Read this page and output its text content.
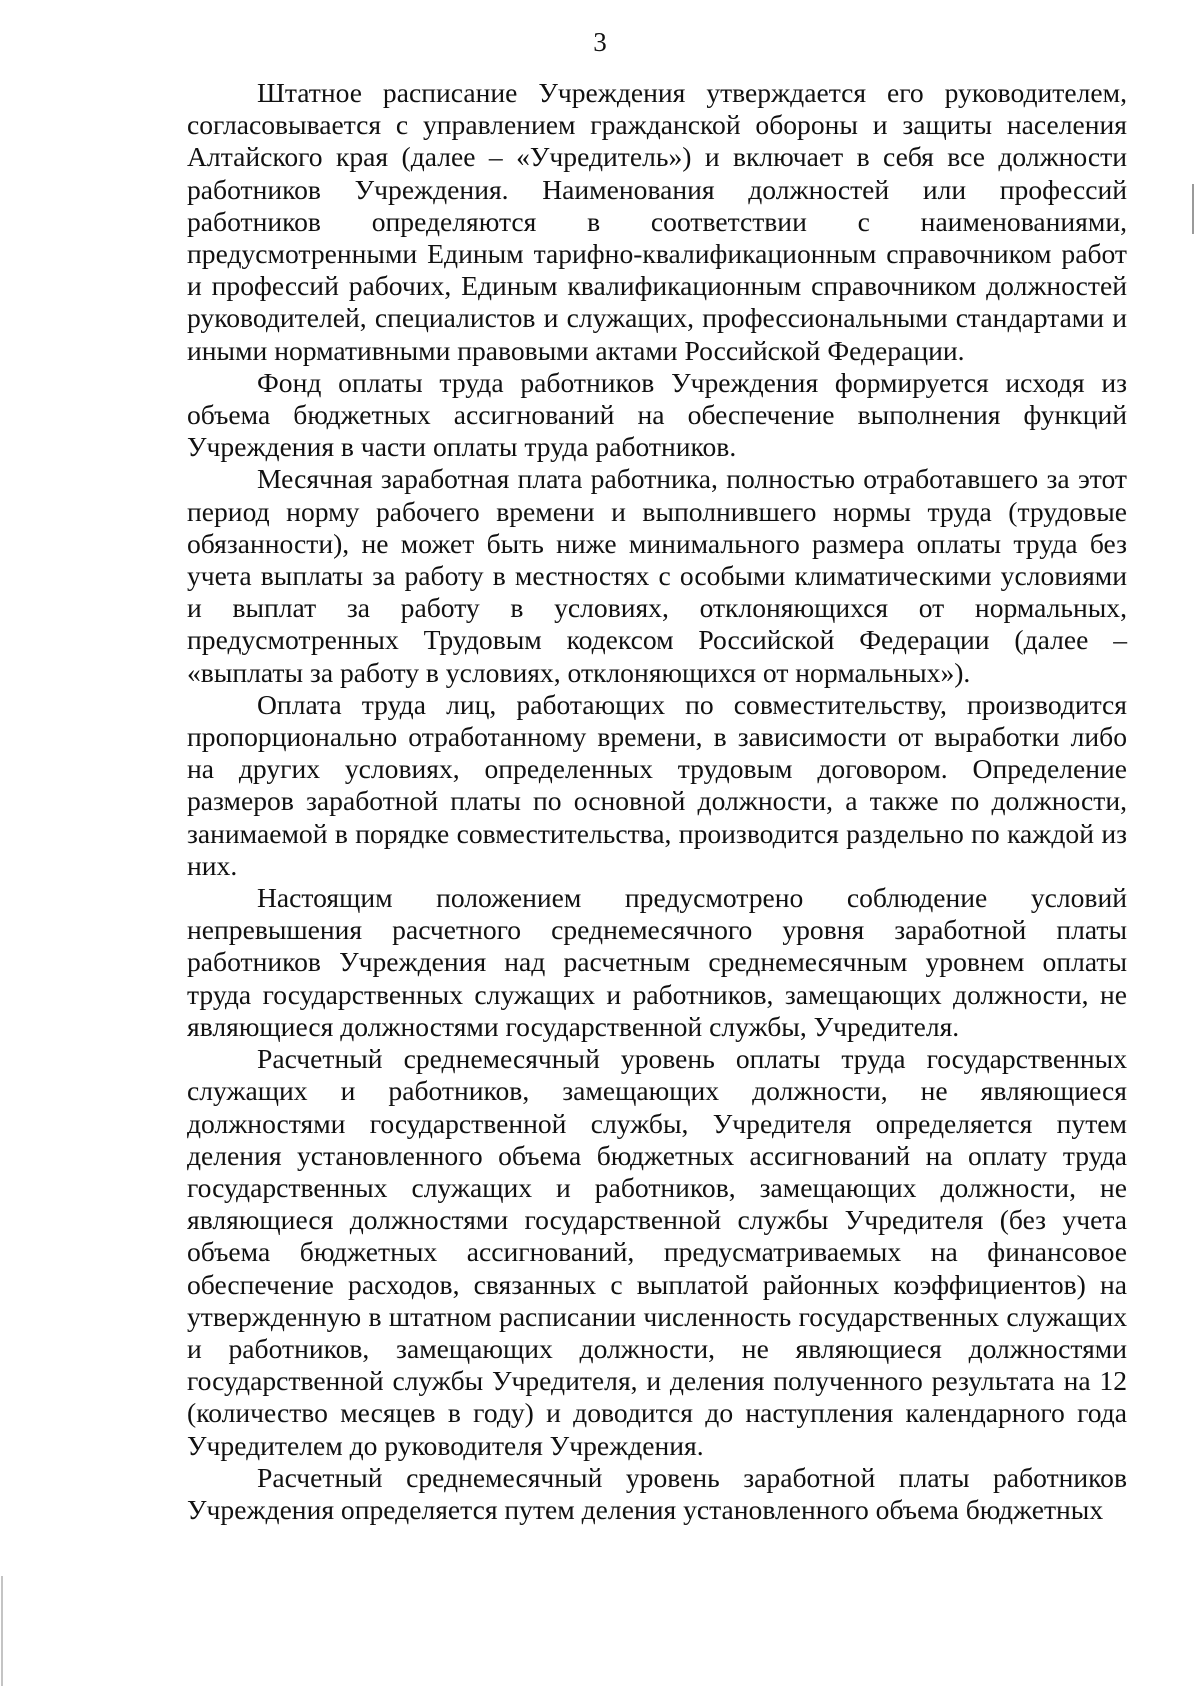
3

Штатное расписание Учреждения утверждается его руководителем, согласовывается с управлением гражданской обороны и защиты населения Алтайского края (далее – «Учредитель») и включает в себя все должности работников Учреждения. Наименования должностей или профессий работников определяются в соответствии с наименованиями, предусмотренными Единым тарифно-квалификационным справочником работ и профессий рабочих, Единым квалификационным справочником должностей руководителей, специалистов и служащих, профессиональными стандартами и иными нормативными правовыми актами Российской Федерации.

Фонд оплаты труда работников Учреждения формируется исходя из объема бюджетных ассигнований на обеспечение выполнения функций Учреждения в части оплаты труда работников.

Месячная заработная плата работника, полностью отработавшего за этот период норму рабочего времени и выполнившего нормы труда (трудовые обязанности), не может быть ниже минимального размера оплаты труда без учета выплаты за работу в местностях с особыми климатическими условиями и выплат за работу в условиях, отклоняющихся от нормальных, предусмотренных Трудовым кодексом Российской Федерации (далее – «выплаты за работу в условиях, отклоняющихся от нормальных»).

Оплата труда лиц, работающих по совместительству, производится пропорционально отработанному времени, в зависимости от выработки либо на других условиях, определенных трудовым договором. Определение размеров заработной платы по основной должности, а также по должности, занимаемой в порядке совместительства, производится раздельно по каждой из них.

Настоящим положением предусмотрено соблюдение условий непревышения расчетного среднемесячного уровня заработной платы работников Учреждения над расчетным среднемесячным уровнем оплаты труда государственных служащих и работников, замещающих должности, не являющиеся должностями государственной службы, Учредителя.

Расчетный среднемесячный уровень оплаты труда государственных служащих и работников, замещающих должности, не являющиеся должностями государственной службы, Учредителя определяется путем деления установленного объема бюджетных ассигнований на оплату труда государственных служащих и работников, замещающих должности, не являющиеся должностями государственной службы Учредителя (без учета объема бюджетных ассигнований, предусматриваемых на финансовое обеспечение расходов, связанных с выплатой районных коэффициентов) на утвержденную в штатном расписании численность государственных служащих и работников, замещающих должности, не являющиеся должностями государственной службы Учредителя, и деления полученного результата на 12 (количество месяцев в году) и доводится до наступления календарного года Учредителем до руководителя Учреждения.

Расчетный среднемесячный уровень заработной платы работников Учреждения определяется путем деления установленного объема бюджетных
